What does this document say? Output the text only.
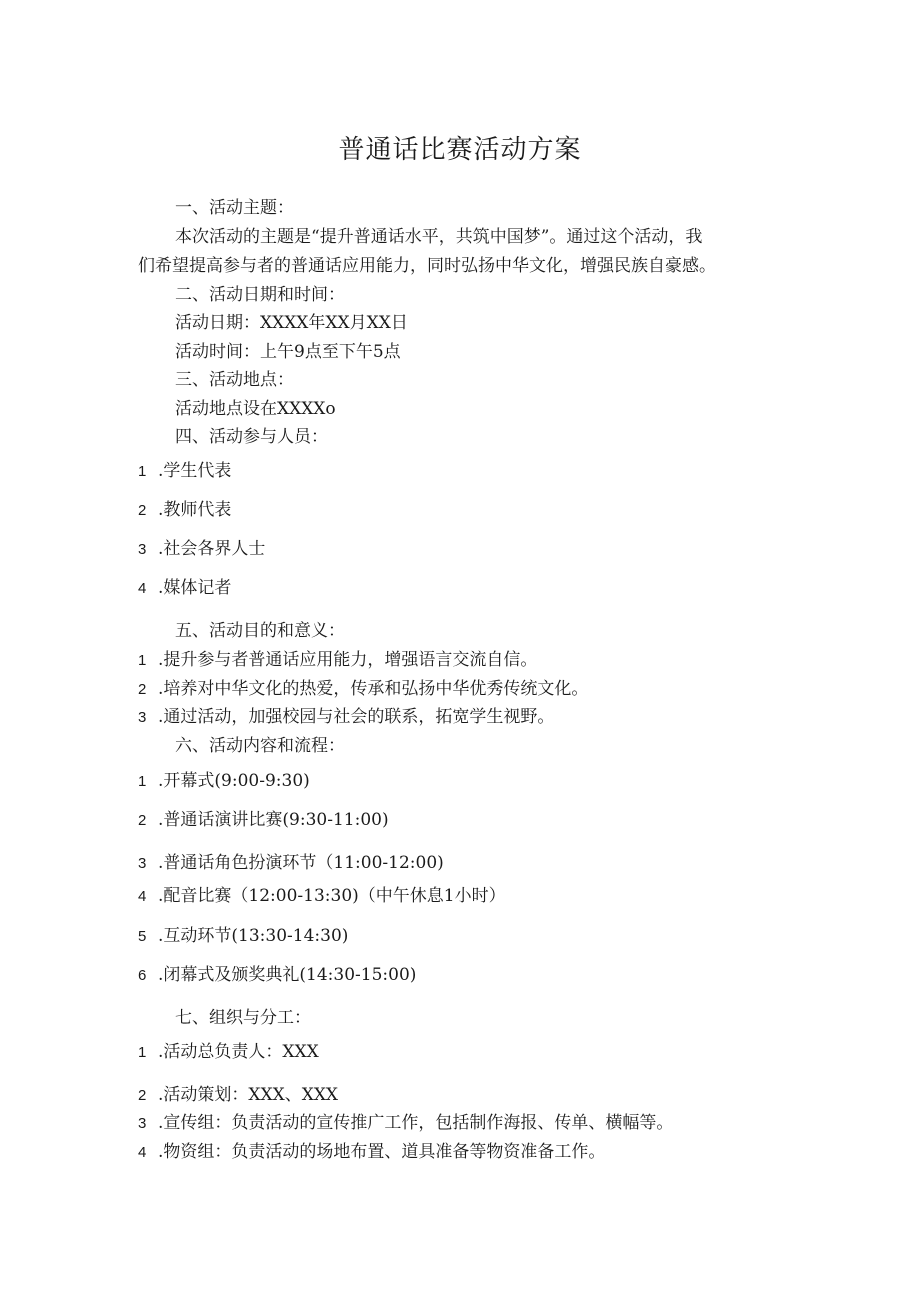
普通话比赛活动方案
一、活动主题：
本次活动的主题是“提升普通话水平，共筑中国梦”。通过这个活动，我
们希望提高参与者的普通话应用能力，同时弘扬中华文化，增强民族自豪感。
二、活动日期和时间：
活动日期：XXXX年XX月XX日
活动时间：上午9点至下午5点
三、活动地点：
活动地点设在XXXXo
四、活动参与人员：
1 .学生代表
2 .教师代表
3 .社会各界人士
4 .媒体记者
五、活动目的和意义：
1 .提升参与者普通话应用能力，增强语言交流自信。
2 .培养对中华文化的热爱，传承和弘扬中华优秀传统文化。
3 .通过活动，加强校园与社会的联系，拓宽学生视野。
六、活动内容和流程：
1 .开幕式(9:00-9:30)
2 .普通话演讲比赛(9:30-11:00)
3 .普通话角色扮演环节（11:00-12:00)
4 .配音比赛（12:00-13:30)（中午休息1小时）
5 .互动环节(13:30-14:30)
6 .闭幕式及颁奖典礼(14:30-15:00)
七、组织与分工：
1 .活动总负责人：XXX
2 .活动策划：XXX、XXX
3 .宣传组：负责活动的宣传推广工作，包括制作海报、传单、横幅等。
4 .物资组：负责活动的场地布置、道具准备等物资准备工作。
